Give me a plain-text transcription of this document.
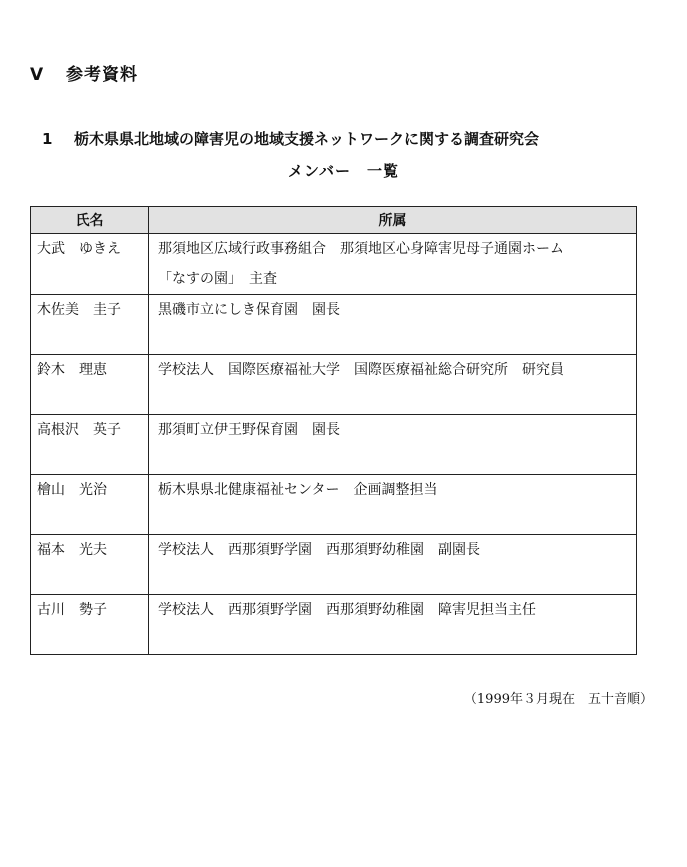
V 参考資料
1 栃木県県北地域の障害児の地域支援ネットワークに関する調査研究会
メンバー　一覧
氏名	所属
大武　ゆきえ	那須地区広域行政事務組合　那須地区心身障害児母子通園ホーム
「なすの園」　主査

木佐美　圭子	黒磯市立にしき保育園　園長

鈴木　理恵	学校法人　国際医療福祉大学　国際医療福祉総合研究所　研究員

高根沢　英子	那須町立伊王野保育園　園長

檜山　光治	栃木県県北健康福祉センター　企画調整担当

福本　光夫	学校法人　西那須野学園　西那須野幼稚園　副園長

古川　勢子	学校法人　西那須野学園　西那須野幼稚園　障害児担当主任
（1999年３月現在　五十音順）
